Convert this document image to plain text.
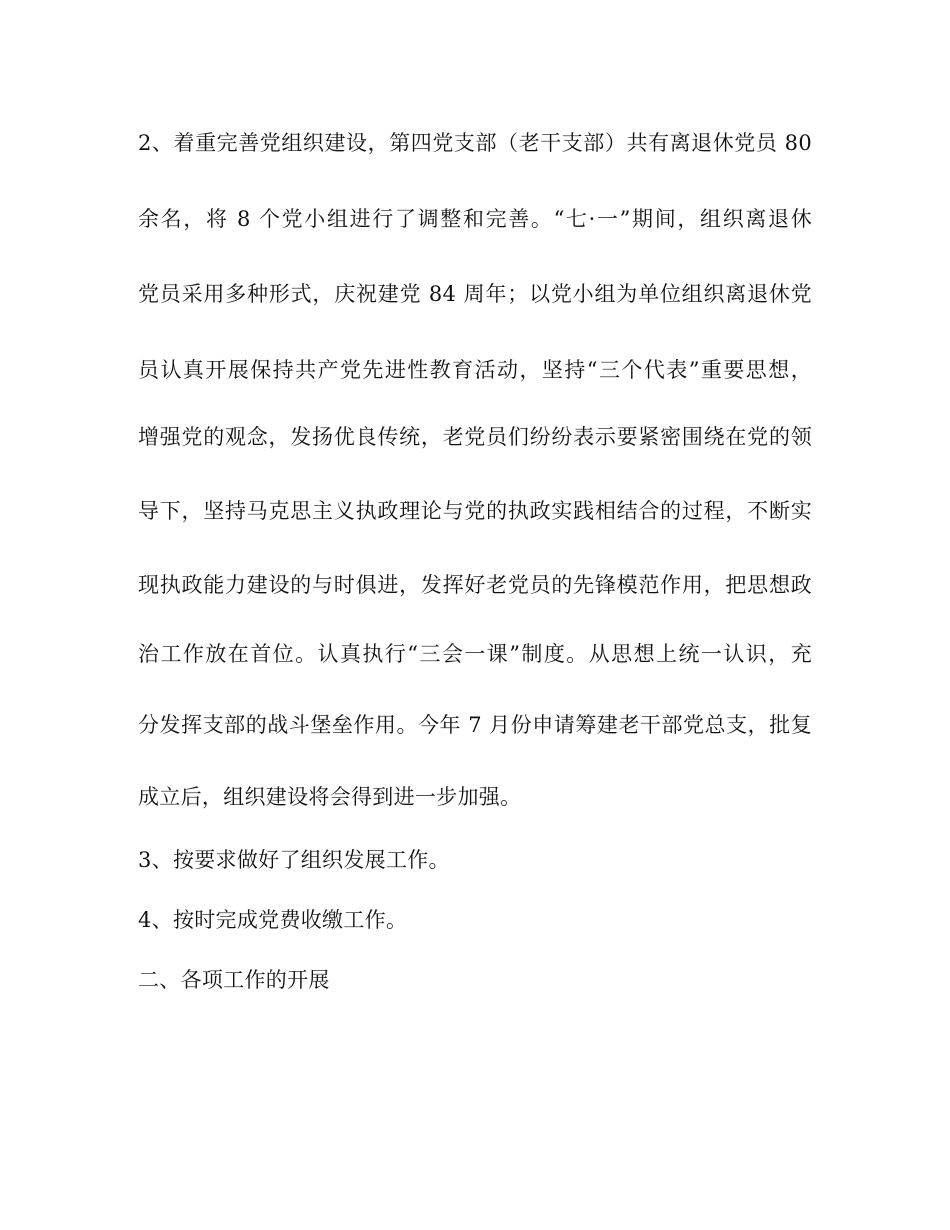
2、着重完善党组织建设，第四党支部（老干支部）共有离退休党员 80
余名，将 8 个党小组进行了调整和完善。“七·一”期间，组织离退休
党员采用多种形式，庆祝建党 84 周年；以党小组为单位组织离退休党
员认真开展保持共产党先进性教育活动，坚持“三个代表”重要思想，
增强党的观念，发扬优良传统，老党员们纷纷表示要紧密围绕在党的领
导下，坚持马克思主义执政理论与党的执政实践相结合的过程，不断实
现执政能力建设的与时俱进，发挥好老党员的先锋模范作用，把思想政
治工作放在首位。认真执行“三会一课”制度。从思想上统一认识，充
分发挥支部的战斗堡垒作用。今年 7 月份申请筹建老干部党总支，批复
成立后，组织建设将会得到进一步加强。
3、按要求做好了组织发展工作。
4、按时完成党费收缴工作。
二、各项工作的开展
